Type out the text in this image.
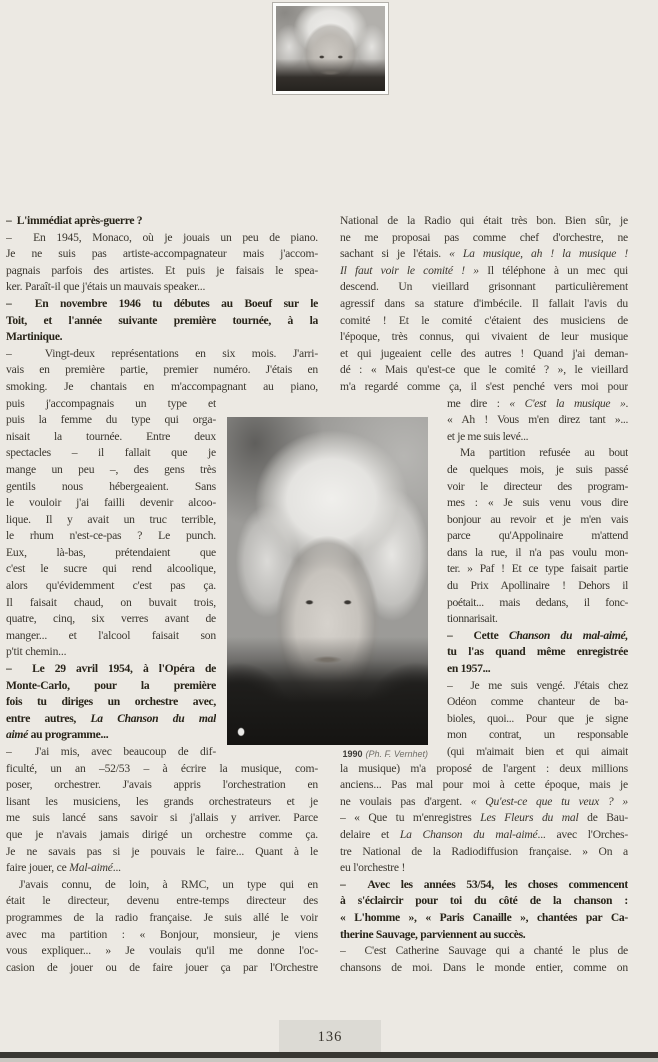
–  L'immédiat après-guerre ?
–  En 1945, Monaco, où je jouais un peu de piano.
Je ne suis pas artiste-accompagnateur mais j'accom-
pagnais parfois des artistes. Et puis je faisais le spea-
ker. Paraît-il que j'étais un mauvais speaker...
–  En novembre 1946 tu débutes au Boeuf sur le
Toit, et l'année suivante première tournée, à la
Martinique.
–  Vingt-deux représentations en six mois. J'arri-
vais en première partie, premier numéro. J'étais en
smoking. Je chantais en m'accompagnant au piano,
puis j'accompagnais un type et
puis la femme du type qui orga-
nisait la tournée. Entre deux
spectacles – il fallait que je
mange un peu –, des gens très
gentils nous hébergeaient. Sans
le vouloir j'ai failli devenir alcoo-
lique. Il y avait un truc terrible,
le rhum n'est-ce-pas ? Le punch.
Eux, là-bas, prétendaient que
c'est le sucre qui rend alcoolique,
alors qu'évidemment c'est pas ça.
Il faisait chaud, on buvait trois,
quatre, cinq, six verres avant de
manger... et l'alcool faisait son
p'tit chemin...
–  Le 29 avril 1954, à l'Opéra de
Monte-Carlo, pour la première
fois tu diriges un orchestre avec,
entre autres, La Chanson du mal
aimé au programme...
–  J'ai mis, avec beaucoup de dif-
ficulté, un an –52/53 – à écrire la musique, com-
poser, orchestrer. J'avais appris l'orchestration en
lisant les musiciens, les grands orchestrateurs et je
me suis lancé sans savoir si j'allais y arriver. Parce
que je n'avais jamais dirigé un orchestre comme ça.
Je ne savais pas si je pouvais le faire... Quant à le
faire jouer, ce Mal-aimé...
J'avais connu, de loin, à RMC, un type qui en
était le directeur, devenu entre-temps directeur des
programmes de la radio française. Je suis allé le voir
avec ma partition : « Bonjour, monsieur, je viens
vous expliquer... » Je voulais qu'il me donne l'oc-
casion de jouer ou de faire jouer ça par l'Orchestre
National de la Radio qui était très bon. Bien sûr, je
ne me proposai pas comme chef d'orchestre, ne
sachant si je l'étais. « La musique, ah ! la musique !
Il faut voir le comité ! » Il téléphone à un mec qui
descend. Un vieillard grisonnant particulièrement
agressif dans sa stature d'imbécile. Il fallait l'avis du
comité ! Et le comité c'étaient des musiciens de
l'époque, très connus, qui vivaient de leur musique
et qui jugeaient celle des autres ! Quand j'ai deman-
dé : « Mais qu'est-ce que le comité ? », le vieillard
m'a regardé comme ça, il s'est penché vers moi pour
me dire : « C'est la musique ».
« Ah ! Vous m'en direz tant »...
et je me suis levé...
Ma partition refusée au bout
de quelques mois, je suis passé
voir le directeur des program-
mes : « Je suis venu vous dire
bonjour au revoir et je m'en vais
parce qu'Appolinaire m'attend
dans la rue, il n'a pas voulu mon-
ter. » Paf ! Et ce type faisait partie
du Prix Apollinaire ! Dehors il
poétait... mais dedans, il fonc-
tionnarisait.
–  Cette Chanson du mal-aimé,
tu l'as quand même enregistrée
en 1957...
–  Je me suis vengé. J'étais chez
Odéon comme chanteur de ba-
bioles, quoi... Pour que je signe
mon contrat, un responsable
(qui m'aimait bien et qui aimait
la musique) m'a proposé de l'argent : deux millions
anciens... Pas mal pour moi à cette époque, mais je
ne voulais pas d'argent. « Qu'est-ce que tu veux ? »
– « Que tu m'enregistres Les Fleurs du mal de Bau-
delaire et La Chanson du mal-aimé... avec l'Orches-
tre National de la Radiodiffusion française. » On a
eu l'orchestre !
–  Avec les années 53/54, les choses commencent
à s'éclaircir pour toi du côté de la chanson :
« L'homme », « Paris Canaille », chantées par Ca-
therine Sauvage, parviennent au succès.
–  C'est Catherine Sauvage qui a chanté le plus de
chansons de moi. Dans le monde entier, comme on
1990 (Ph. F. Vernhet)
136
